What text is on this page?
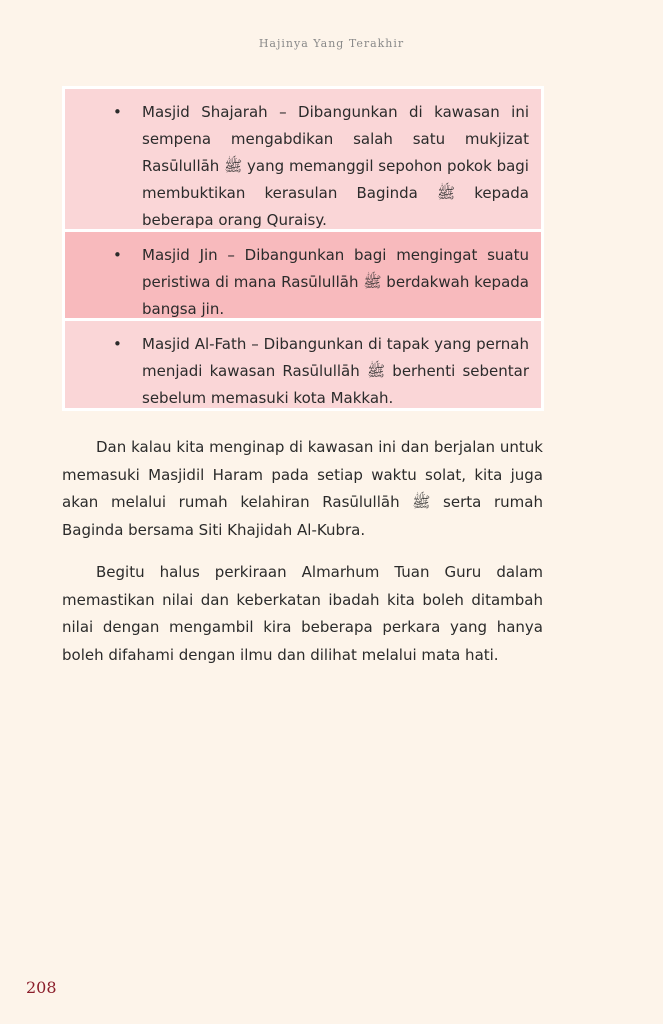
Hajinya Yang Terakhir
• Masjid Shajarah – Dibangunkan di kawasan ini sempena mengabdikan salah satu mukjizat Rasūlullāh ﷺ yang memanggil sepohon pokok bagi membuktikan kerasulan Baginda ﷺ kepada beberapa orang Quraisy.
• Masjid Jin – Dibangunkan bagi mengingat suatu peristiwa di mana Rasūlullāh ﷺ berdakwah kepada bangsa jin.
• Masjid Al-Fath – Dibangunkan di tapak yang pernah menjadi kawasan Rasūlullāh ﷺ berhenti sebentar sebelum memasuki kota Makkah.

Dan kalau kita menginap di kawasan ini dan berjalan untuk memasuki Masjidil Haram pada setiap waktu solat, kita juga akan melalui rumah kelahiran Rasūlullāh ﷺ serta rumah Baginda bersama Siti Khajidah Al-Kubra.

Begitu halus perkiraan Almarhum Tuan Guru dalam memastikan nilai dan keberkatan ibadah kita boleh ditambah nilai dengan mengambil kira beberapa perkara yang hanya boleh difahami dengan ilmu dan dilihat melalui mata hati.

208
